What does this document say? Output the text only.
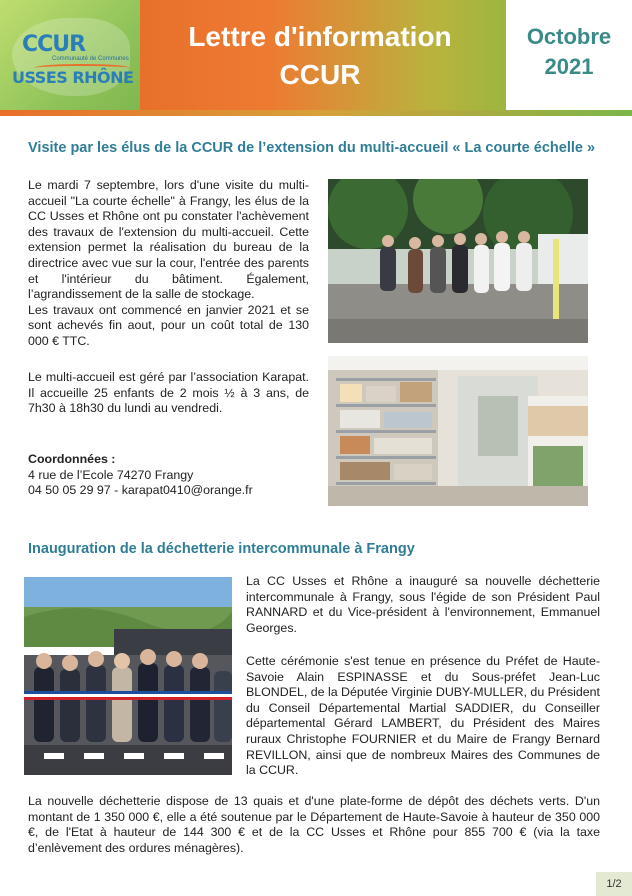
CCUR
Communauté de Communes
USSES RHÔNE
Lettre d'information
CCUR
Octobre
2021
Visite par les élus de la CCUR de l’extension du multi-accueil « La courte échelle »

Le mardi 7 septembre, lors d'une visite du multi-accueil "La courte échelle" à Frangy, les élus de la CC Usses et Rhône ont pu constater l'achèvement des travaux de l'extension du multi-accueil. Cette extension permet la réalisation du bureau de la directrice avec vue sur la cour, l'entrée des parents et l'intérieur du bâtiment. Également, l’agrandissement de la salle de stockage.

Les travaux ont commencé en janvier 2021 et se sont achevés fin aout, pour un coût total de 130 000 € TTC.

Le multi-accueil est géré par l’association Karapat. Il accueille 25 enfants de 2 mois ½ à 3 ans, de 7h30 à 18h30 du lundi au vendredi.

Coordonnées :

4 rue de l’Ecole 74270 Frangy

04 50 05 29 97 - karapat0410@orange.fr

Inauguration de la déchetterie intercommunale à Frangy

La CC Usses et Rhône a inauguré sa nouvelle déchetterie intercommunale à Frangy, sous l'égide de son Président Paul RANNARD et du Vice-président à l'environnement, Emmanuel Georges.

Cette cérémonie s'est tenue en présence du Préfet de Haute-Savoie Alain ESPINASSE et du Sous-préfet Jean-Luc BLONDEL, de la Députée Virginie DUBY-MULLER, du Président du Conseil Départemental Martial SADDIER, du Conseiller départemental Gérard LAMBERT, du Président des Maires ruraux Christophe FOURNIER et du Maire de Frangy Bernard REVILLON, ainsi que de nombreux Maires des Communes de la CCUR.

La nouvelle déchetterie dispose de 13 quais et d'une plate-forme de dépôt des déchets verts. D'un montant de 1 350 000 €, elle a été soutenue par le Département de Haute-Savoie à hauteur de 350 000 €, de l'Etat à hauteur de 144 300 € et de la CC Usses et Rhône pour 855 700 € (via la taxe d’enlèvement des ordures ménagères).

1/2
